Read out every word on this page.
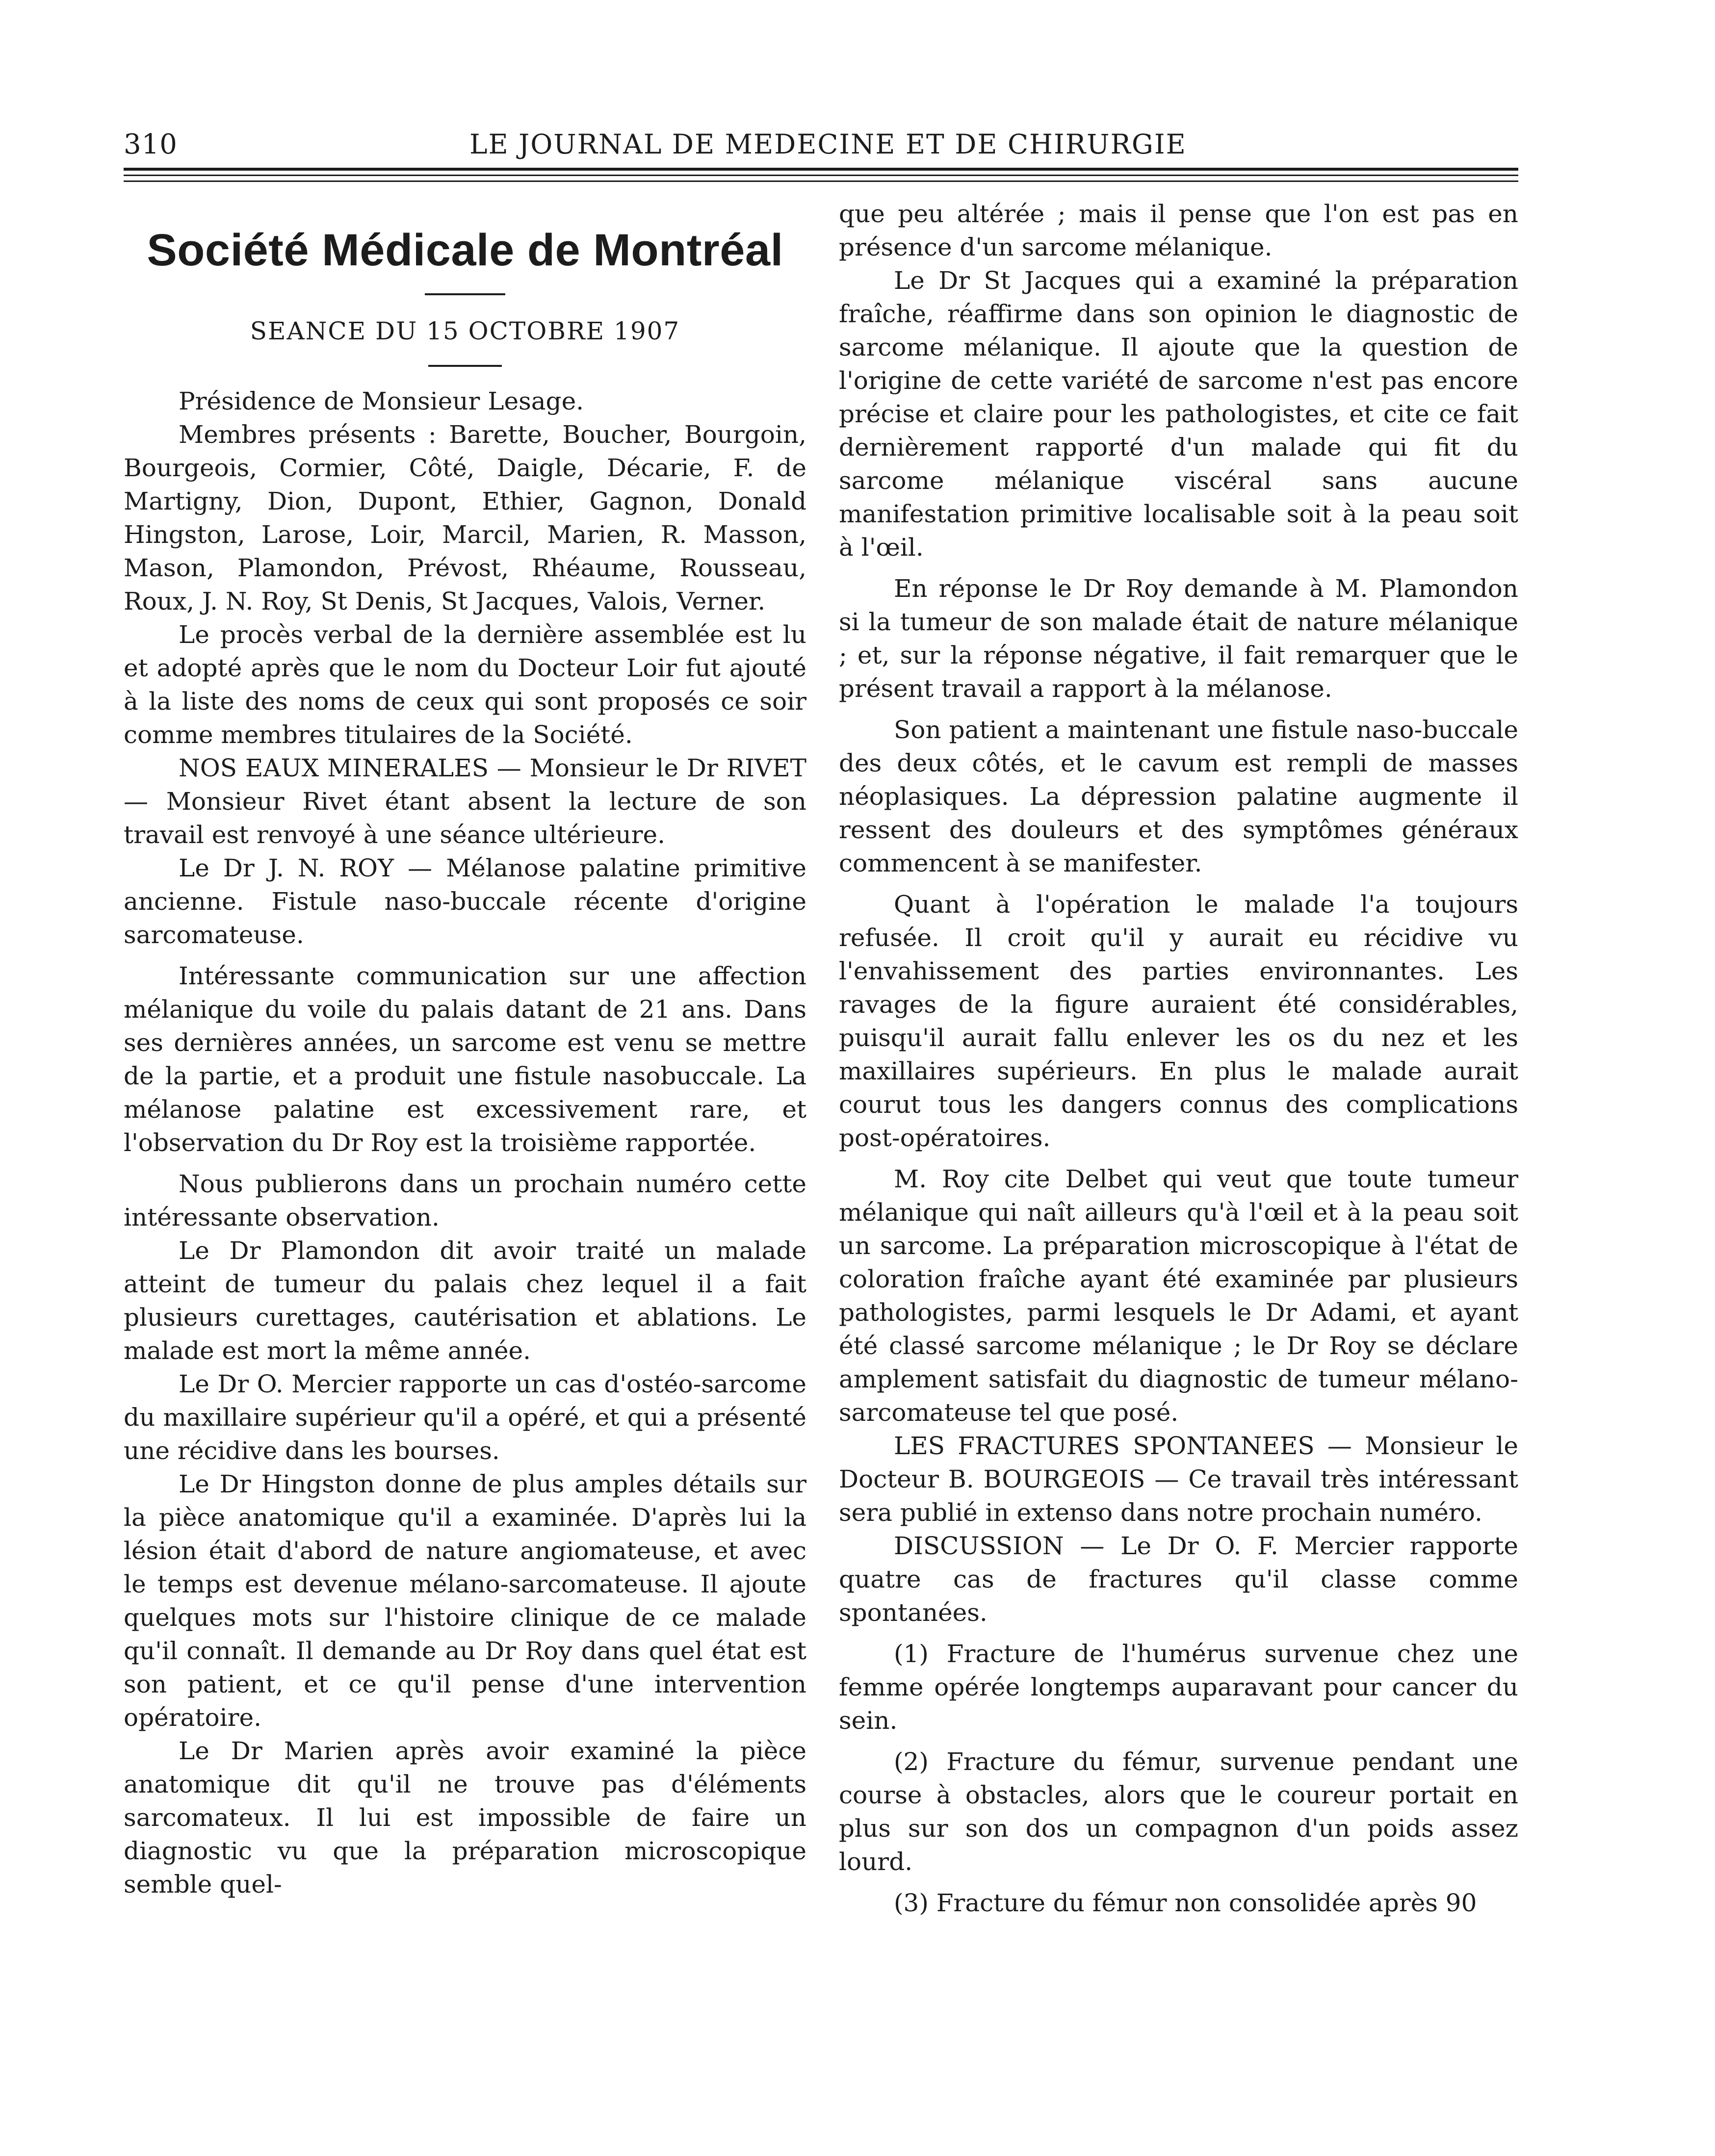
310	LE JOURNAL DE MEDECINE ET DE CHIRURGIE
Société Médicale de Montréal
SEANCE DU 15 OCTOBRE 1907

Présidence de Monsieur Lesage.

Membres présents : Barette, Boucher, Bourgoin, Bourgeois, Cormier, Côté, Daigle, Décarie, F. de Martigny, Dion, Dupont, Ethier, Gagnon, Donald Hingston, Larose, Loir, Marcil, Marien, R. Masson, Mason, Plamondon, Prévost, Rhéaume, Rousseau, Roux, J. N. Roy, St Denis, St Jacques, Valois, Verner.

Le procès verbal de la dernière assemblée est lu et adopté après que le nom du Docteur Loir fut ajouté à la liste des noms de ceux qui sont proposés ce soir comme membres titulaires de la Société.

NOS EAUX MINERALES — Monsieur le Dr RIVET — Monsieur Rivet étant absent la lecture de son travail est renvoyé à une séance ultérieure.

Le Dr J. N. ROY — Mélanose palatine primitive ancienne. Fistule naso-buccale récente d'origine sarcomateuse.

Intéressante communication sur une affection mélanique du voile du palais datant de 21 ans. Dans ses dernières années, un sarcome est venu se mettre de la partie, et a produit une fistule nasobuccale. La mélanose palatine est excessivement rare, et l'observation du Dr Roy est la troisième rapportée.

Nous publierons dans un prochain numéro cette intéressante observation.

Le Dr Plamondon dit avoir traité un malade atteint de tumeur du palais chez lequel il a fait plusieurs curettages, cautérisation et ablations. Le malade est mort la même année.

Le Dr O. Mercier rapporte un cas d'ostéo-sarcome du maxillaire supérieur qu'il a opéré, et qui a présenté une récidive dans les bourses.

Le Dr Hingston donne de plus amples détails sur la pièce anatomique qu'il a examinée. D'après lui la lésion était d'abord de nature angiomateuse, et avec le temps est devenue mélano-sarcomateuse. Il ajoute quelques mots sur l'histoire clinique de ce malade qu'il connaît. Il demande au Dr Roy dans quel état est son patient, et ce qu'il pense d'une intervention opératoire.

Le Dr Marien après avoir examiné la pièce anatomique dit qu'il ne trouve pas d'éléments sarcomateux. Il lui est impossible de faire un diagnostic vu que la préparation microscopique semble quel-

que peu altérée ; mais il pense que l'on est pas en présence d'un sarcome mélanique.

Le Dr St Jacques qui a examiné la préparation fraîche, réaffirme dans son opinion le diagnostic de sarcome mélanique. Il ajoute que la question de l'origine de cette variété de sarcome n'est pas encore précise et claire pour les pathologistes, et cite ce fait dernièrement rapporté d'un malade qui fit du sarcome mélanique viscéral sans aucune manifestation primitive localisable soit à la peau soit à l'œil.

En réponse le Dr Roy demande à M. Plamondon si la tumeur de son malade était de nature mélanique ; et, sur la réponse négative, il fait remarquer que le présent travail a rapport à la mélanose.

Son patient a maintenant une fistule naso-buccale des deux côtés, et le cavum est rempli de masses néoplasiques. La dépression palatine augmente il ressent des douleurs et des symptômes généraux commencent à se manifester.

Quant à l'opération le malade l'a toujours refusée. Il croit qu'il y aurait eu récidive vu l'envahissement des parties environnantes. Les ravages de la figure auraient été considérables, puisqu'il aurait fallu enlever les os du nez et les maxillaires supérieurs. En plus le malade aurait courut tous les dangers connus des complications post-opératoires.

M. Roy cite Delbet qui veut que toute tumeur mélanique qui naît ailleurs qu'à l'œil et à la peau soit un sarcome. La préparation microscopique à l'état de coloration fraîche ayant été examinée par plusieurs pathologistes, parmi lesquels le Dr Adami, et ayant été classé sarcome mélanique ; le Dr Roy se déclare amplement satisfait du diagnostic de tumeur mélano-sarcomateuse tel que posé.

LES FRACTURES SPONTANEES — Monsieur le Docteur B. BOURGEOIS — Ce travail très intéressant sera publié in extenso dans notre prochain numéro.

DISCUSSION — Le Dr O. F. Mercier rapporte quatre cas de fractures qu'il classe comme spontanées.

(1) Fracture de l'humérus survenue chez une femme opérée longtemps auparavant pour cancer du sein.

(2) Fracture du fémur, survenue pendant une course à obstacles, alors que le coureur portait en plus sur son dos un compagnon d'un poids assez lourd.

(3) Fracture du fémur non consolidée après 90
